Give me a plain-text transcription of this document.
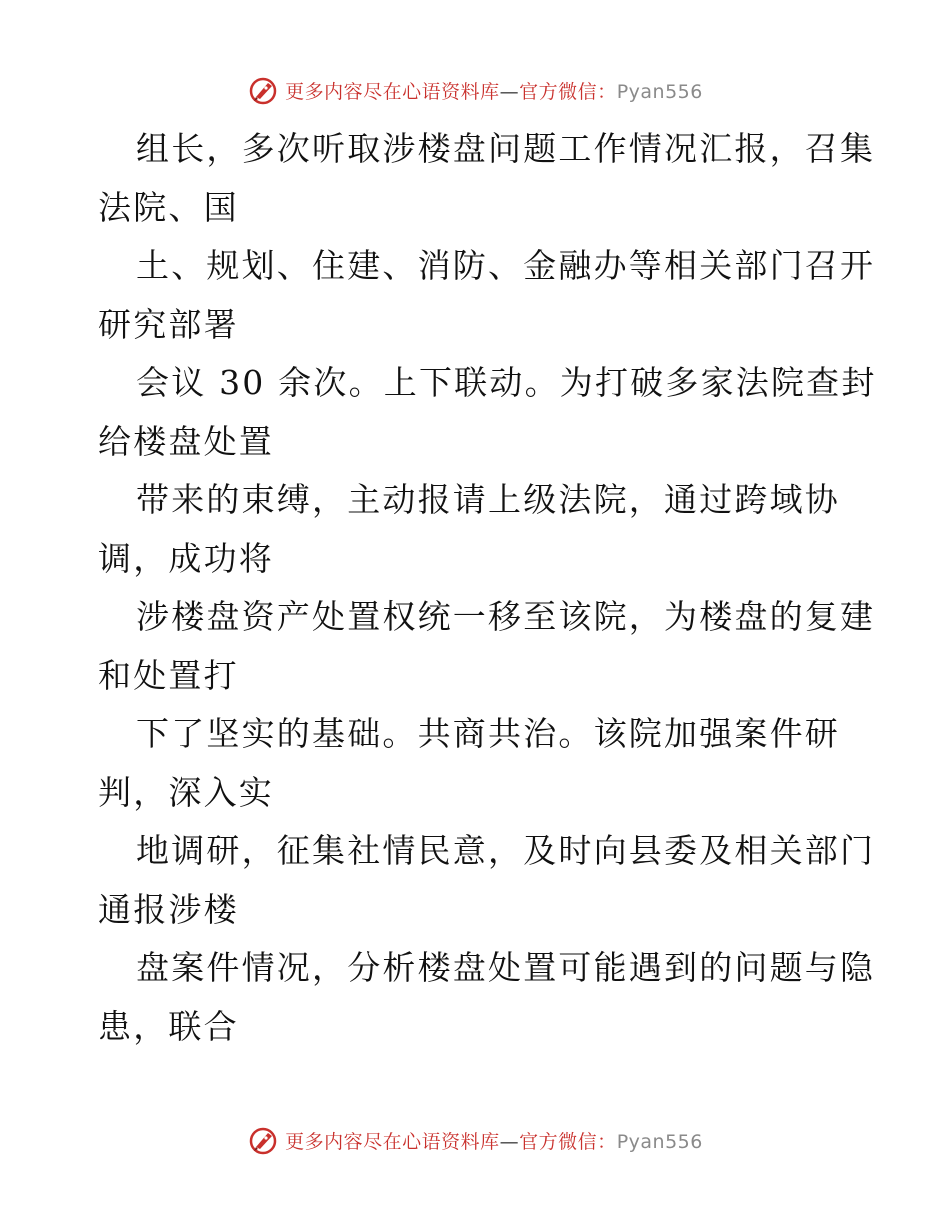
更多内容尽在心语资料库—官方微信：Pyan556
组长，多次听取涉楼盘问题工作情况汇报，召集
法院、国
土、规划、住建、消防、金融办等相关部门召开
研究部署
会议 30 余次。上下联动。为打破多家法院查封
给楼盘处置
带来的束缚，主动报请上级法院，通过跨域协
调，成功将
涉楼盘资产处置权统一移至该院，为楼盘的复建
和处置打
下了坚实的基础。共商共治。该院加强案件研
判，深入实
地调研，征集社情民意，及时向县委及相关部门
通报涉楼
盘案件情况，分析楼盘处置可能遇到的问题与隐
患，联合
更多内容尽在心语资料库—官方微信：Pyan556
